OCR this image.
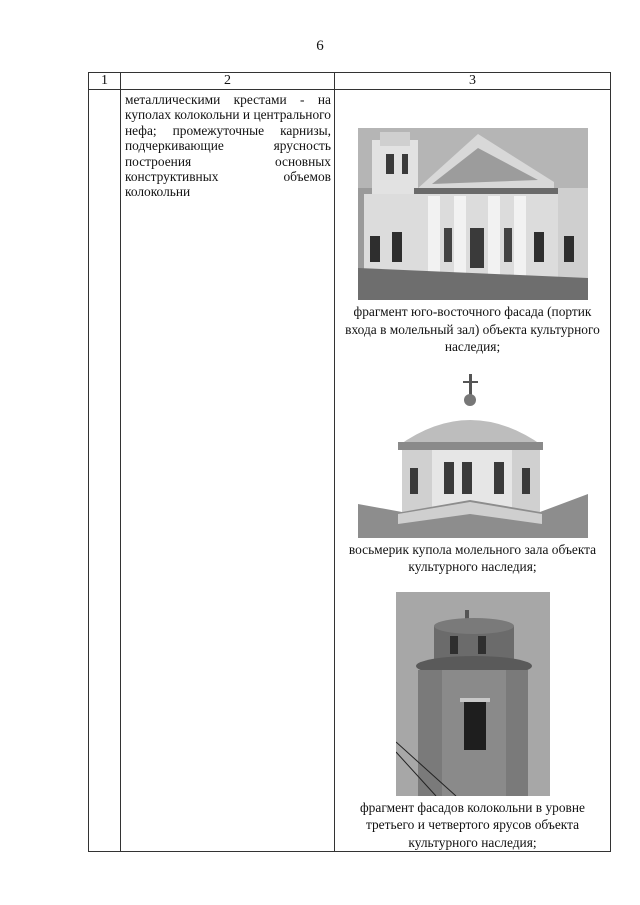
6
1	2	3
	металлическими крестами - на куполах колокольни и центрального нефа; промежуточные карнизы, подчеркивающие ярусность построения основных конструктивных объемов колокольни	фрагмент юго-восточного фасада (портик входа в молельный зал) объекта культурного наследия;

восьмерик купола молельного зала объекта культурного наследия;

фрагмент фасадов колокольни в уровне третьего и четвертого ярусов объекта культурного наследия;
